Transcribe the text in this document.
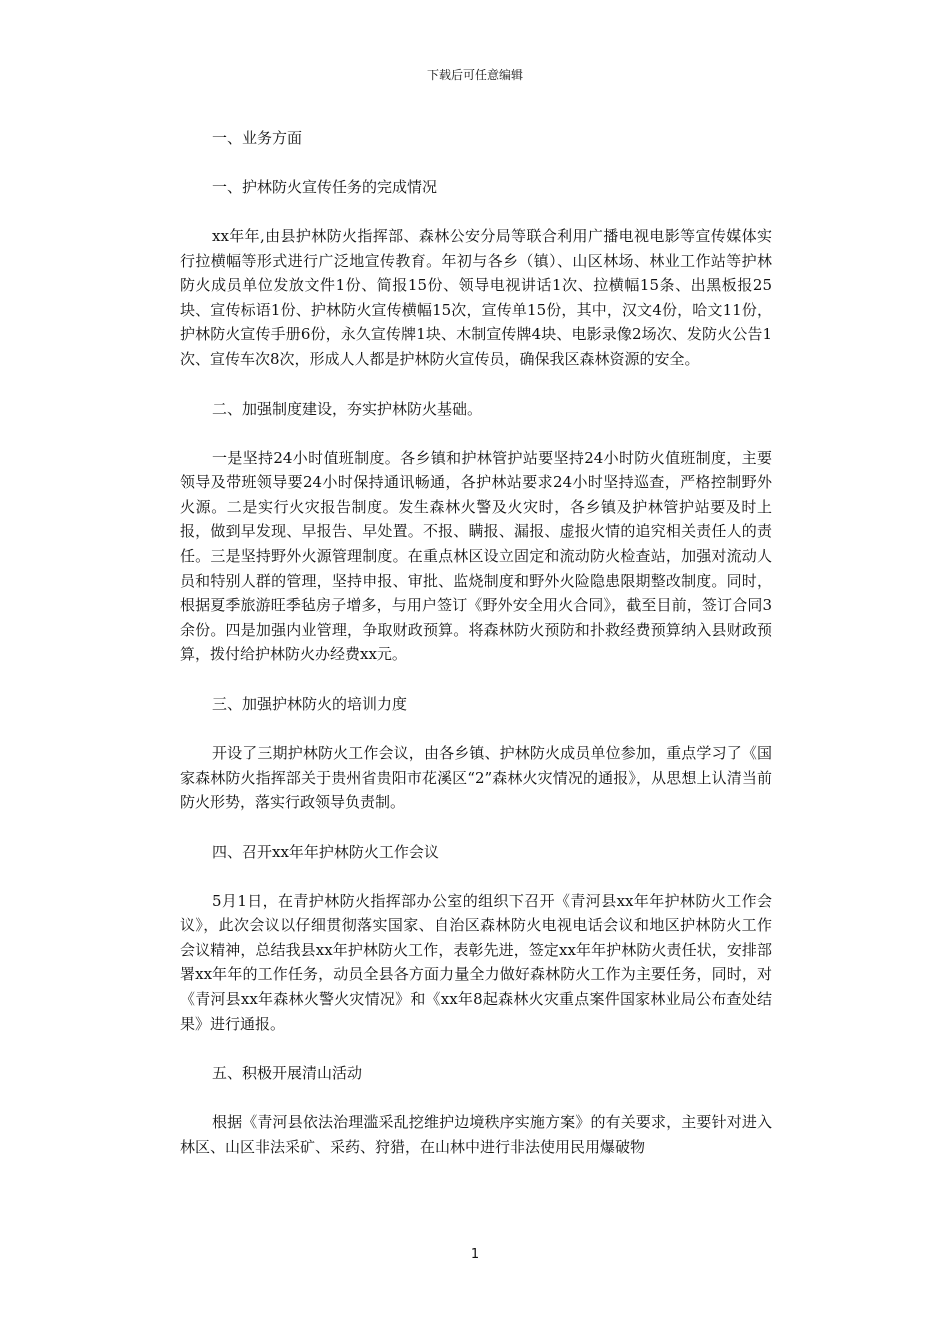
下载后可任意编辑
一、业务方面
一、护林防火宣传任务的完成情况
xx年年,由县护林防火指挥部、森林公安分局等联合利用广播电视电影等宣传媒体实行拉横幅等形式进行广泛地宣传教育。年初与各乡（镇）、山区林场、林业工作站等护林防火成员单位发放文件1份、简报15份、领导电视讲话1次、拉横幅15条、出黑板报25块、宣传标语1份、护林防火宣传横幅15次，宣传单15份，其中，汉文4份，哈文11份，护林防火宣传手册6份，永久宣传牌1块、木制宣传牌4块、电影录像2场次、发防火公告1次、宣传车次8次，形成人人都是护林防火宣传员，确保我区森林资源的安全。
二、加强制度建设，夯实护林防火基础。
一是坚持24小时值班制度。各乡镇和护林管护站要坚持24小时防火值班制度，主要领导及带班领导要24小时保持通讯畅通，各护林站要求24小时坚持巡查，严格控制野外火源。二是实行火灾报告制度。发生森林火警及火灾时，各乡镇及护林管护站要及时上报，做到早发现、早报告、早处置。不报、瞒报、漏报、虚报火情的追究相关责任人的责任。三是坚持野外火源管理制度。在重点林区设立固定和流动防火检查站，加强对流动人员和特别人群的管理，坚持申报、审批、监烧制度和野外火险隐患限期整改制度。同时，根据夏季旅游旺季毡房子增多，与用户签订《野外安全用火合同》，截至目前，签订合同3余份。四是加强内业管理，争取财政预算。将森林防火预防和扑救经费预算纳入县财政预算，拨付给护林防火办经费xx元。
三、加强护林防火的培训力度
开设了三期护林防火工作会议，由各乡镇、护林防火成员单位参加，重点学习了《国家森林防火指挥部关于贵州省贵阳市花溪区“2”森林火灾情况的通报》，从思想上认清当前防火形势，落实行政领导负责制。
四、召开xx年年护林防火工作会议
5月1日，在青护林防火指挥部办公室的组织下召开《青河县xx年年护林防火工作会议》，此次会议以仔细贯彻落实国家、自治区森林防火电视电话会议和地区护林防火工作会议精神，总结我县xx年护林防火工作，表彰先进，签定xx年年护林防火责任状，安排部署xx年年的工作任务，动员全县各方面力量全力做好森林防火工作为主要任务，同时，对《青河县xx年森林火警火灾情况》和《xx年8起森林火灾重点案件国家林业局公布查处结果》进行通报。
五、积极开展清山活动
根据《青河县依法治理滥采乱挖维护边境秩序实施方案》的有关要求，主要针对进入林区、山区非法采矿、采药、狩猎，在山林中进行非法使用民用爆破物
1
